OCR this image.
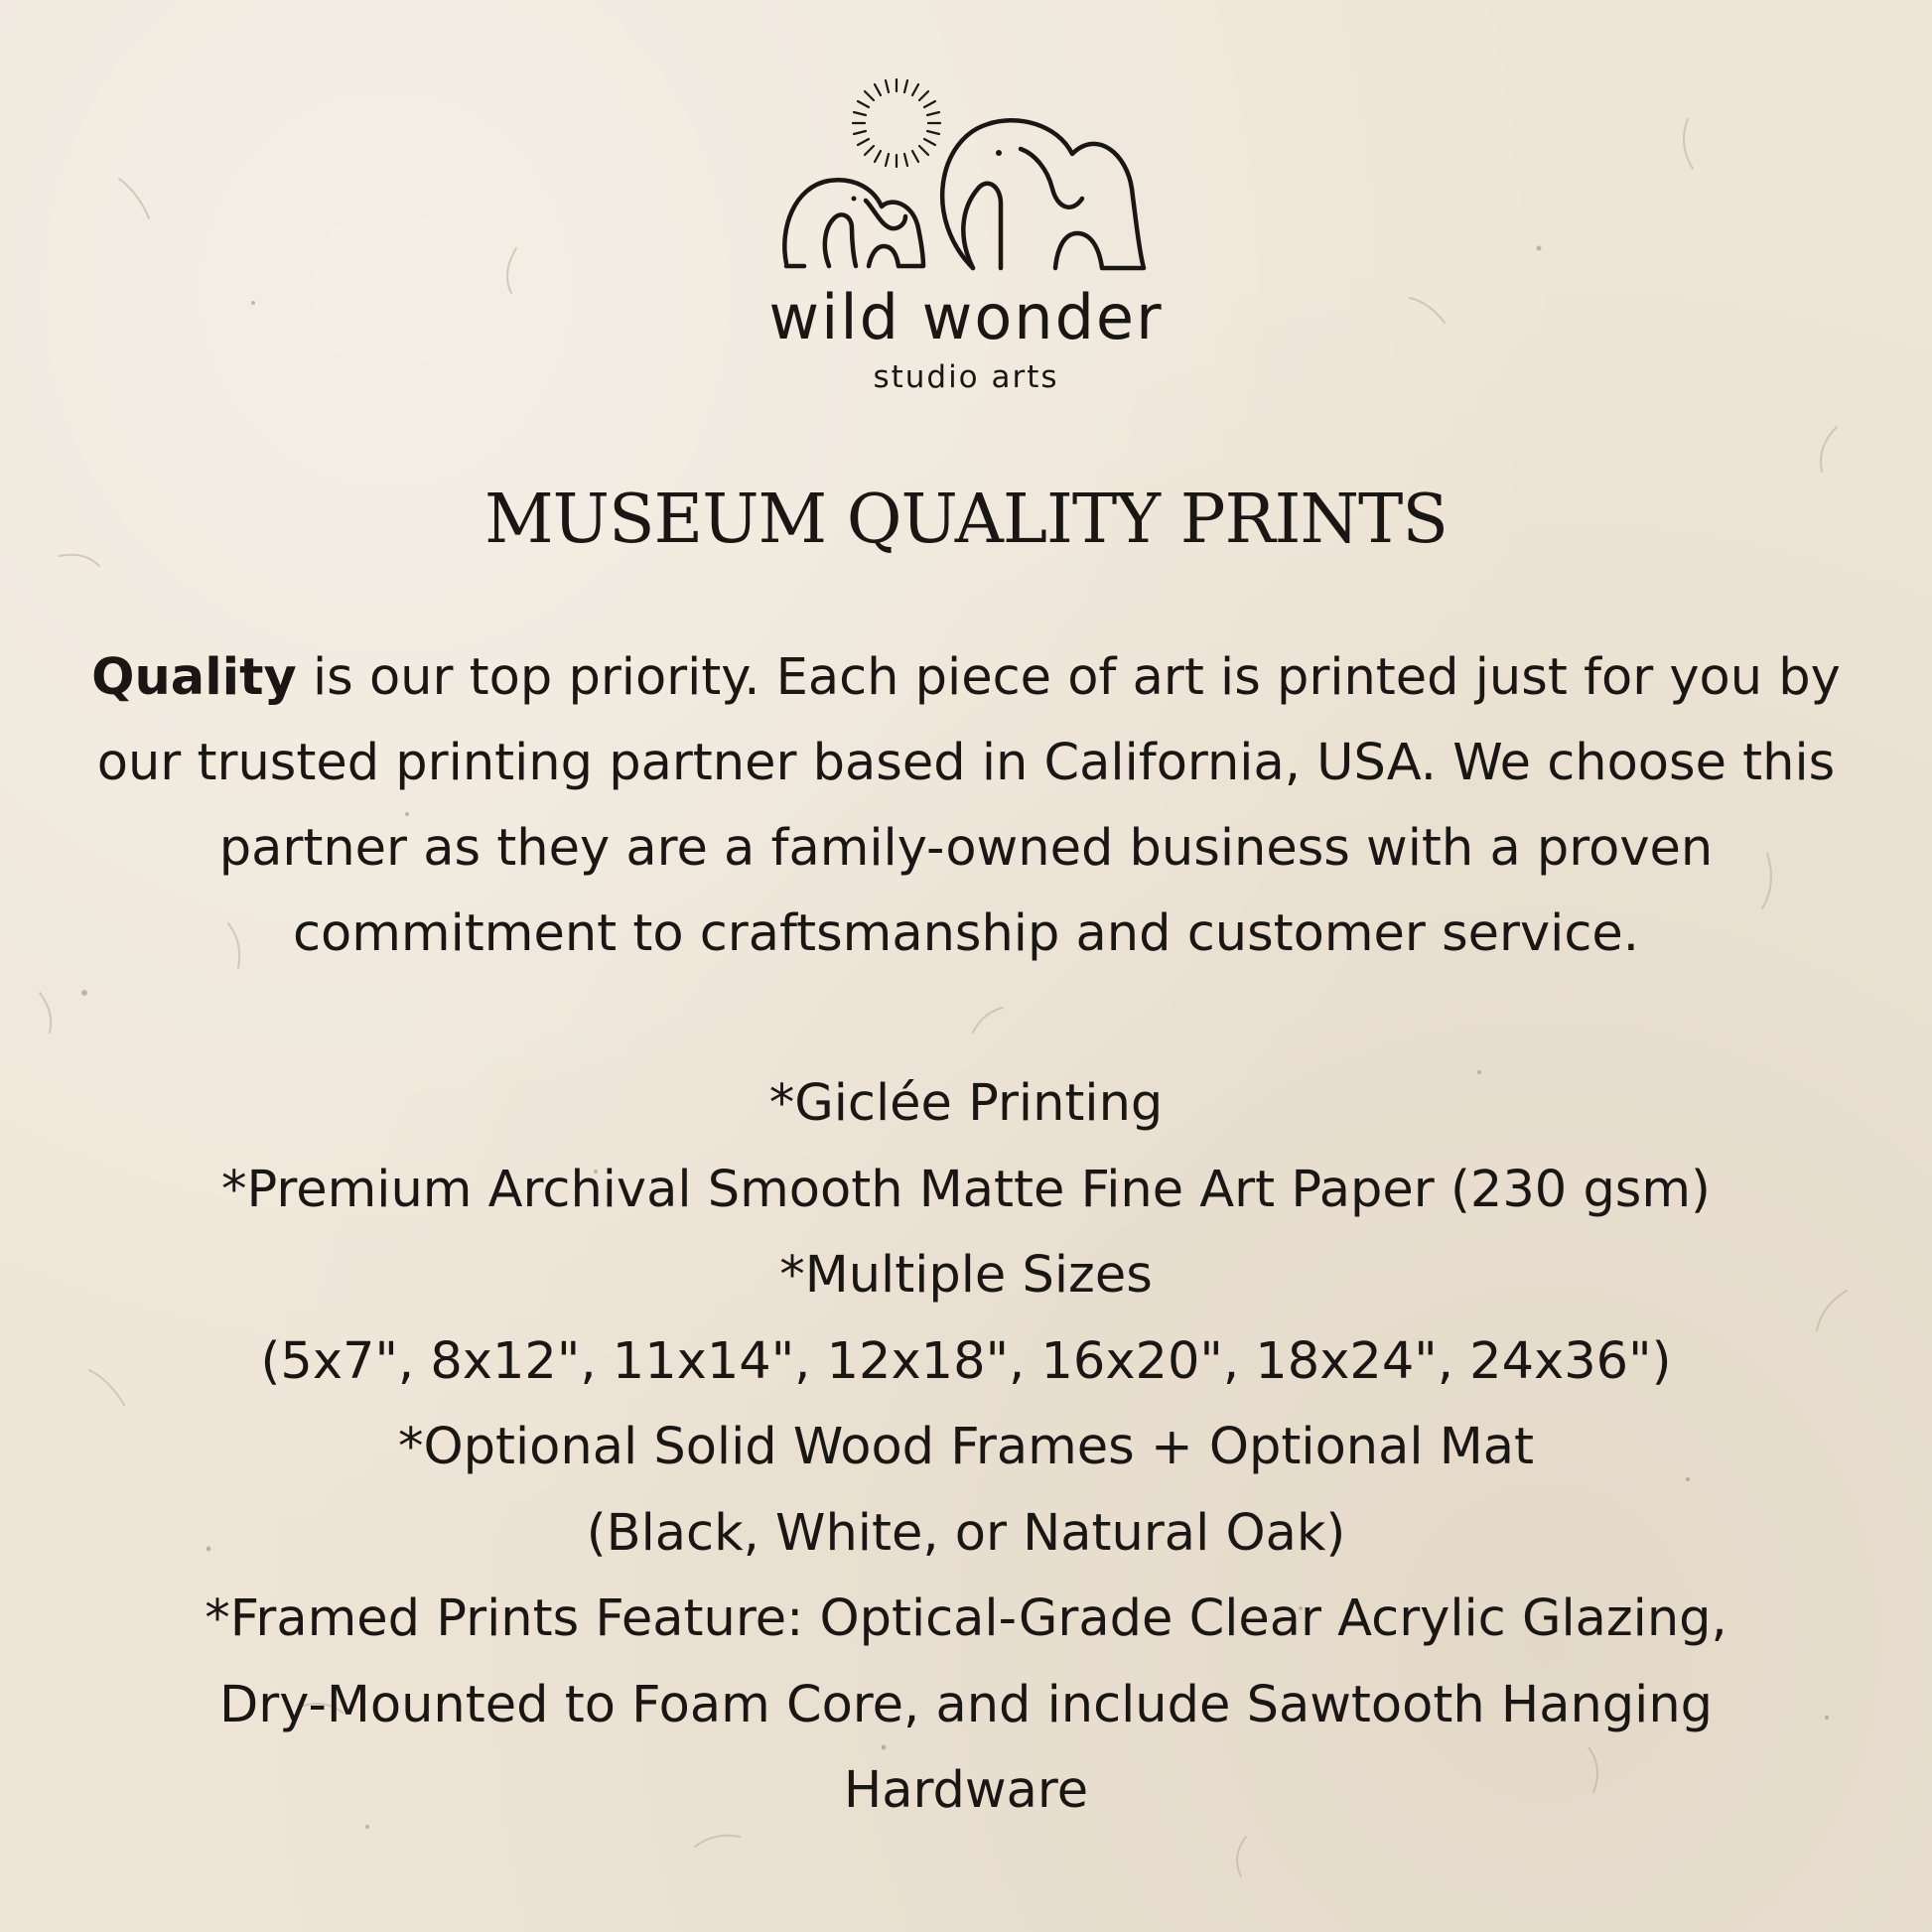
wild wonder
studio arts
MUSEUM QUALITY PRINTS
Quality is our top priority. Each piece of art is printed just for you by our trusted printing partner based in California, USA. We choose this partner as they are a family-owned business with a proven commitment to craftsmanship and customer service.
*Giclée Printing
*Premium Archival Smooth Matte Fine Art Paper (230 gsm)
*Multiple Sizes
(5x7", 8x12", 11x14", 12x18", 16x20", 18x24", 24x36")
*Optional Solid Wood Frames + Optional Mat
(Black, White, or Natural Oak)
*Framed Prints Feature: Optical-Grade Clear Acrylic Glazing,
Dry-Mounted to Foam Core, and include Sawtooth Hanging
Hardware
